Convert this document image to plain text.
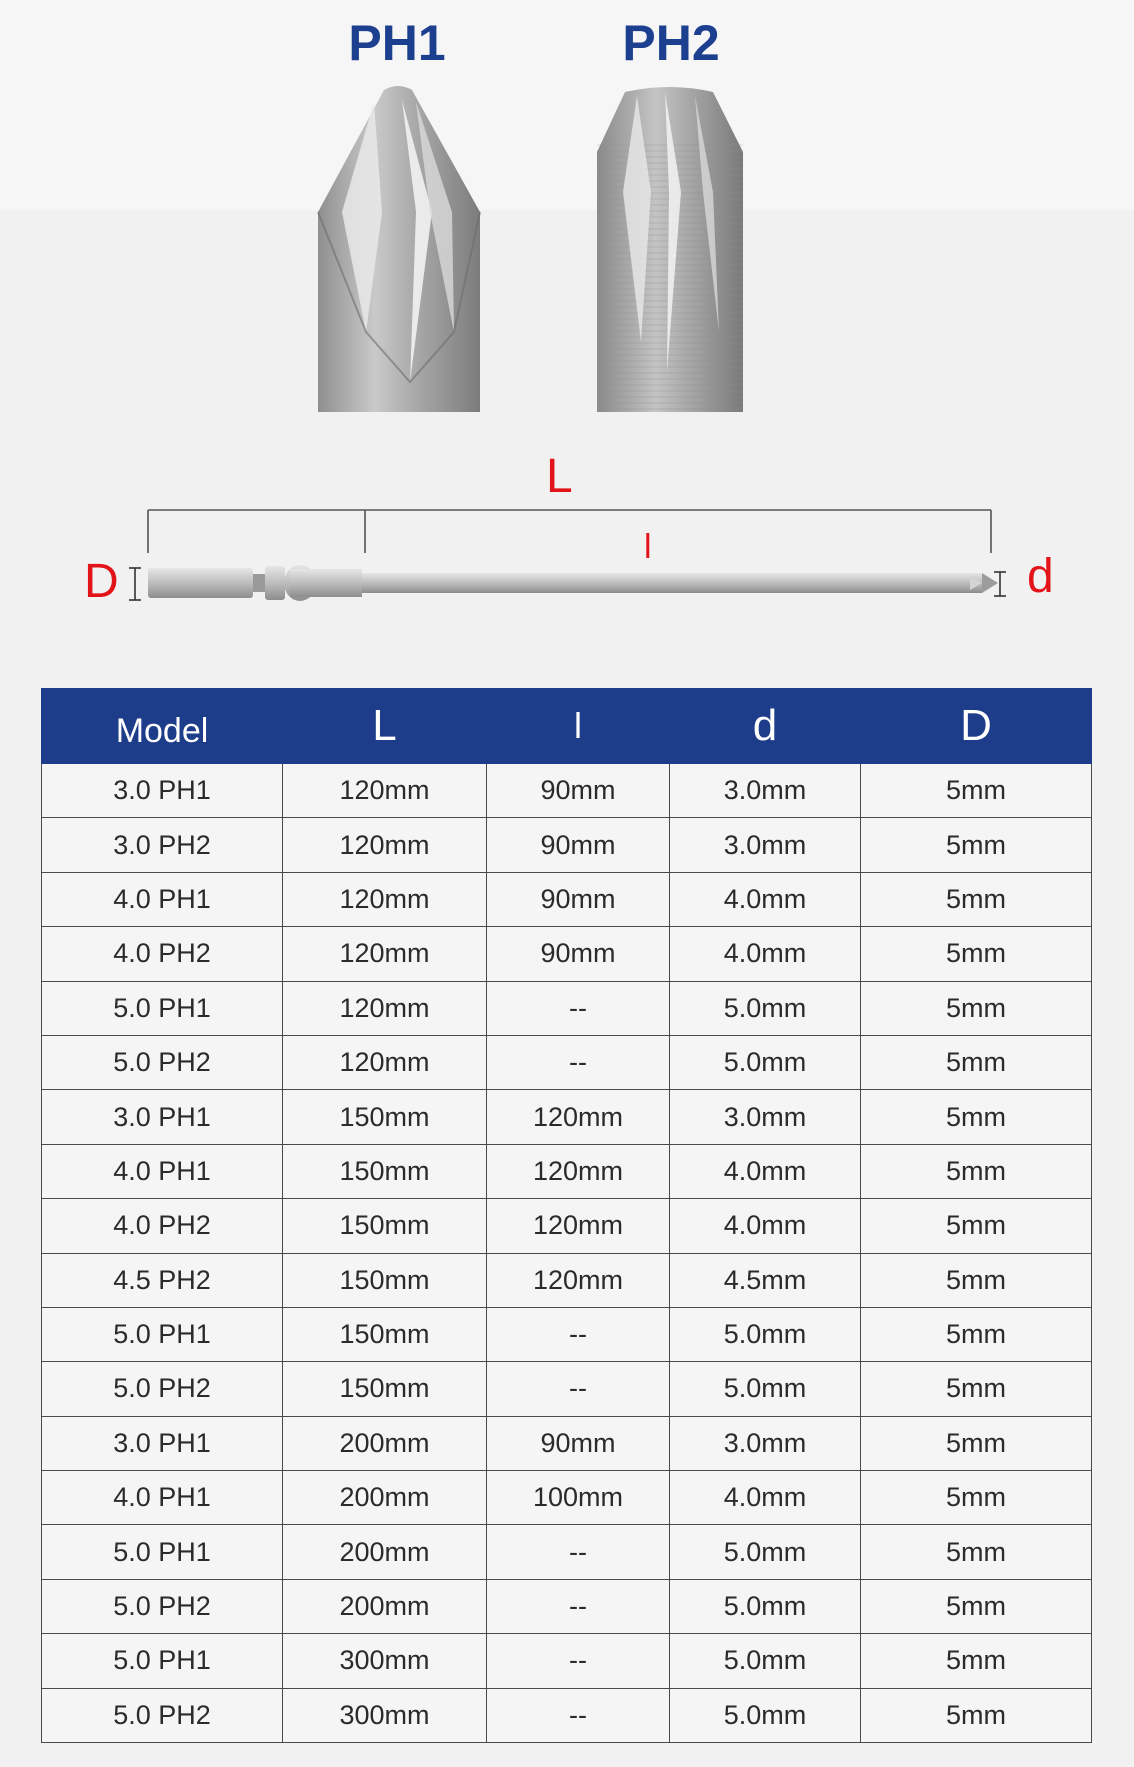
PH1	PH2

L

l

D	d

Model	L	l	d	D
3.0 PH1	120mm	90mm	3.0mm	5mm
3.0 PH2	120mm	90mm	3.0mm	5mm
4.0 PH1	120mm	90mm	4.0mm	5mm
4.0 PH2	120mm	90mm	4.0mm	5mm
5.0 PH1	120mm	--	5.0mm	5mm
5.0 PH2	120mm	--	5.0mm	5mm
3.0 PH1	150mm	120mm	3.0mm	5mm
4.0 PH1	150mm	120mm	4.0mm	5mm
4.0 PH2	150mm	120mm	4.0mm	5mm
4.5 PH2	150mm	120mm	4.5mm	5mm
5.0 PH1	150mm	--	5.0mm	5mm
5.0 PH2	150mm	--	5.0mm	5mm
3.0 PH1	200mm	90mm	3.0mm	5mm
4.0 PH1	200mm	100mm	4.0mm	5mm
5.0 PH1	200mm	--	5.0mm	5mm
5.0 PH2	200mm	--	5.0mm	5mm
5.0 PH1	300mm	--	5.0mm	5mm
5.0 PH2	300mm	--	5.0mm	5mm
